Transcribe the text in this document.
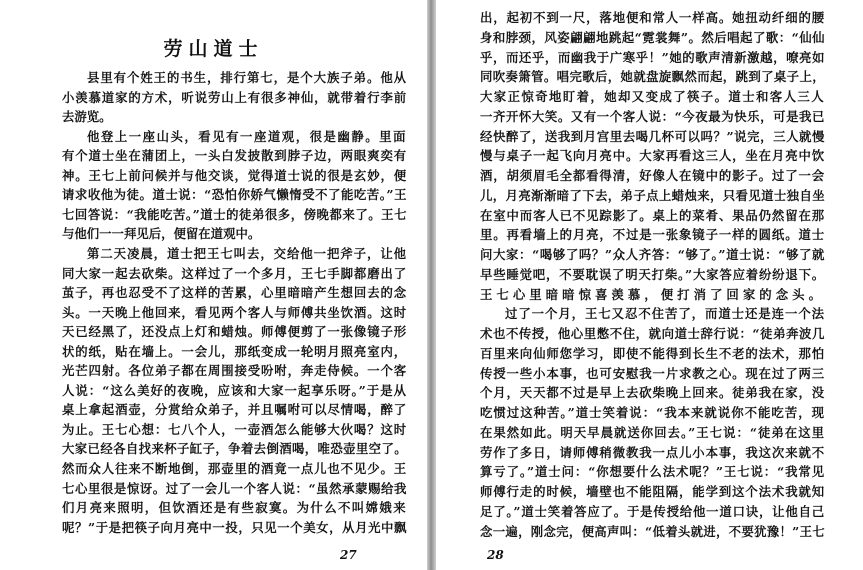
劳山道士
县里有个姓王的书生，排行第七，是个大族子弟。他从
小羡慕道家的方术，听说劳山上有很多神仙，就带着行李前
去游览。
他登上一座山头，看见有一座道观，很是幽静。里面
有个道士坐在蒲团上，一头白发披散到脖子边，两眼爽奕有
神。王七上前问候并与他交谈，觉得道士说的很是玄妙，便
请求收他为徒。道士说：“恐怕你娇气懒惰受不了能吃苦。”王
七回答说：“我能吃苦。”道士的徒弟很多，傍晚都来了。王七
与他们一一拜见后，便留在道观中。
第二天凌晨，道士把王七叫去，交给他一把斧子，让他
同大家一起去砍柴。这样过了一个多月，王七手脚都磨出了
茧子，再也忍受不了这样的苦累，心里暗暗产生想回去的念
头。一天晚上他回来，看见两个客人与师傅共坐饮酒。这时
天已经黑了，还没点上灯和蜡烛。师傅便剪了一张像镜子形
状的纸，贴在墙上。一会儿，那纸变成一轮明月照亮室内，
光芒四射。各位弟子都在周围接受吩咐，奔走侍候。一个客
人说：“这么美好的夜晚，应该和大家一起享乐呀。”于是从
桌上拿起酒壶，分赏给众弟子，并且嘱咐可以尽情喝，醉了
为止。王七心想：七八个人，一壶酒怎么能够大伙喝？这时
大家已经各自找来杯子缸子，争着去倒酒喝，唯恐壶里空了。
然而众人往来不断地倒，那壶里的酒竟一点儿也不见少。王
七心里很是惊讶。过了一会儿一个客人说：“虽然承蒙赐给我
们月亮来照明，但饮酒还是有些寂寞。为什么不叫嫦娥来
呢？”于是把筷子向月亮中一投，只见一个美女，从月光中飘
27
出，起初不到一尺，落地便和常人一样高。她扭动纤细的腰
身和脖颈，风姿翩翩地跳起“霓裳舞”。然后唱起了歌：“仙仙
乎，而还乎，而幽我于广寒乎！”她的歌声清新激越，嘹亮如
同吹奏箫管。唱完歌后，她就盘旋飘然而起，跳到了桌子上，
大家正惊奇地盯着，她却又变成了筷子。道士和客人三人
一齐开怀大笑。又有一个客人说：“今夜最为快乐，可是我已
经快醉了，送我到月宫里去喝几杯可以吗？”说完，三人就慢
慢与桌子一起飞向月亮中。大家再看这三人，坐在月亮中饮
酒，胡须眉毛全都看得清，好像人在镜中的影子。过了一会
儿，月亮渐渐暗了下去，弟子点上蜡烛来，只看见道士独自坐
在室中而客人已不见踪影了。桌上的菜肴、果品仍然留在那
里。再看墙上的月亮，不过是一张象镜子一样的圆纸。道士
问大家：“喝够了吗？”众人齐答：“够了。”道士说：“够了就
早些睡觉吧，不要耽误了明天打柴。”大家答应着纷纷退下。
王七心里暗暗惊喜羡慕，便打消了回家的念头。
过了一个月，王七又忍不住苦了，而道士还是连一个法
术也不传授，他心里憋不住，就向道士辞行说：“徒弟奔波几
百里来向仙师您学习，即使不能得到长生不老的法术，那怕
传授一些小本事，也可安慰我一片求教之心。现在过了两三
个月，天天都不过是早上去砍柴晚上回来。徒弟我在家，没
吃惯过这种苦。”道士笑着说：“我本来就说你不能吃苦，现
在果然如此。明天早晨就送你回去。”王七说：“徒弟在这里
劳作了多日，请师傅稍微教我一点儿小本事，我这次来就不
算亏了。”道士问：“你想要什么法术呢？”王七说：“我常见
师傅行走的时候，墙壁也不能阻隔，能学到这个法术我就知
足了。”道士笑着答应了。于是传授给他一道口诀，让他自己
念一遍，刚念完，便高声叫：“低着头就进，不要犹豫！”王七
28
